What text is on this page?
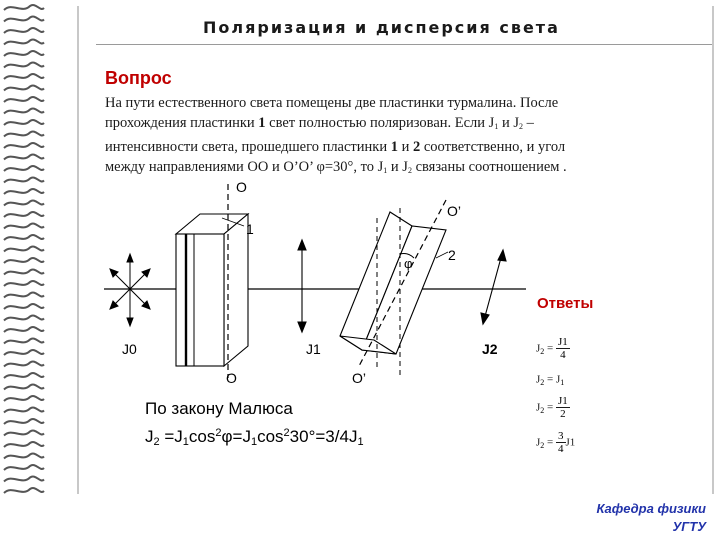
Поляризация и дисперсия света
Вопрос
На пути естественного света помещены две пластинки турмалина. После
прохождения пластинки 1 свет полностью поляризован. Если $J_1$ и $J_2$ –
интенсивности света, прошедшего пластинки 1 и 2 соответственно, и угол
между направлениями OO и O’O’ φ=30°, то $J_1$ и $J_2$ связаны соотношением .
O
O
O’
O’
1
2
φ
J0	J1	J2
Ответы
$J_2 = \frac{J1}{4}$
$J_2 = J_1$
$J_2 = \frac{J1}{2}$
$J_2 = \frac{3}{4} J1$
По закону Малюса
$J_2 =J_1\cos^2\varphi=J_1\cos^230^\circ=3/4J_1$
Кафедра физики
УГТУ
